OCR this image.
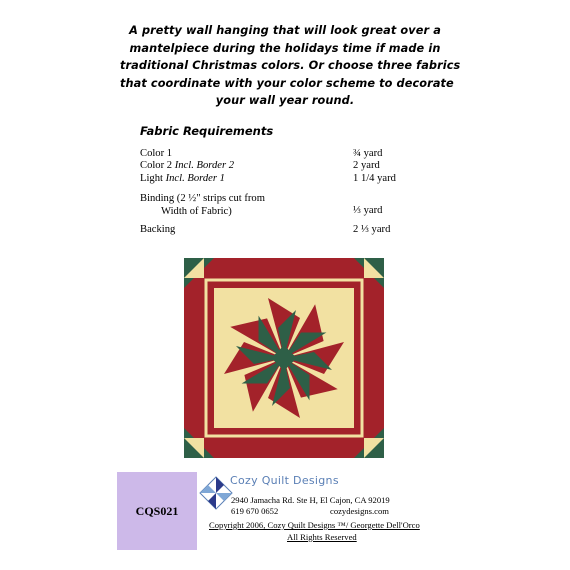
A pretty wall hanging that will look great over a
mantelpiece during the holidays time if made in
traditional Christmas colors. Or choose three fabrics
that coordinate with your color scheme to decorate
your wall year round.
Fabric Requirements
Color 1	¾ yard
Color 2 Incl. Border 2	2 yard
Light Incl. Border 1	1 1/4 yard
Binding (2 ½" strips cut from
Width of Fabric)	⅓ yard
Backing	2 ⅓ yard
CQS021
Cozy Quilt Designs
2940 Jamacha Rd. Ste H, El Cajon, CA 92019
619 670 0652	cozydesigns.com
Copyright 2006, Cozy Quilt Designs ™/ Georgette Dell'Orco
All Rights Reserved
